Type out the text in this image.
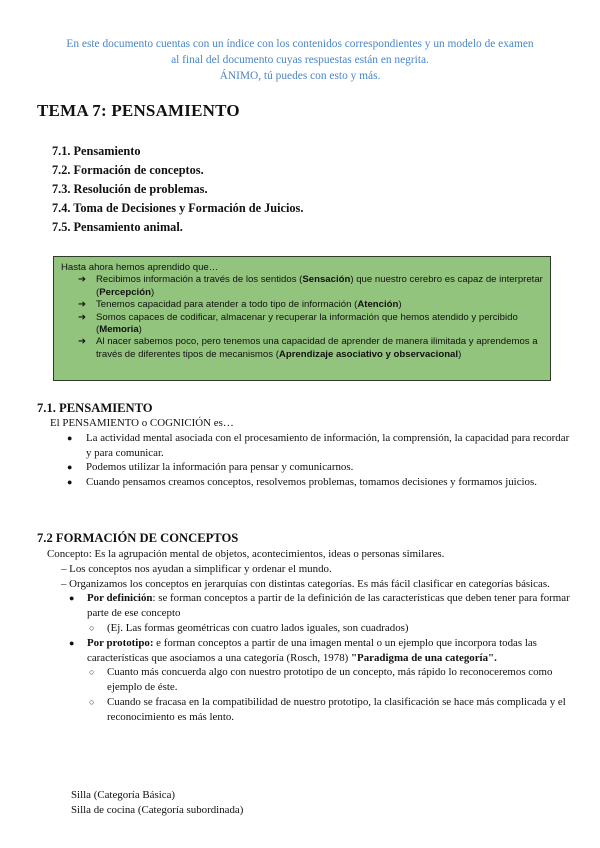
En este documento cuentas con un índice con los contenidos correspondientes y un modelo de examen
al final del documento cuyas respuestas están en negrita.
ÁNIMO, tú puedes con esto y más.
TEMA 7: PENSAMIENTO
7.1. Pensamiento
7.2. Formación de conceptos.
7.3. Resolución de problemas.
7.4. Toma de Decisiones y Formación de Juicios.
7.5. Pensamiento animal.
Hasta ahora hemos aprendido que…
➔ Recibimos información a través de los sentidos (Sensación) que nuestro cerebro es capaz de interpretar (Percepción)
➔ Tenemos capacidad para atender a todo tipo de información (Atención)
➔ Somos capaces de codificar, almacenar y recuperar la información que hemos atendido y percibido (Memoria)
➔ Al nacer sabemos poco, pero tenemos una capacidad de aprender de manera ilimitada y aprendemos a través de diferentes tipos de mecanismos (Aprendizaje asociativo y observacional)
7.1. PENSAMIENTO
El PENSAMIENTO o COGNICIÓN es…
● La actividad mental asociada con el procesamiento de información, la comprensión, la capacidad para recordar y para comunicar.
● Podemos utilizar la información para pensar y comunicarnos.
● Cuando pensamos creamos conceptos, resolvemos problemas, tomamos decisiones y formamos juicios.
7.2 FORMACIÓN DE CONCEPTOS
Concepto: Es la agrupación mental de objetos, acontecimientos, ideas o personas similares.
– Los conceptos nos ayudan a simplificar y ordenar el mundo.
– Organizamos los conceptos en jerarquías con distintas categorías. Es más fácil clasificar en categorías básicas.
● Por definición: se forman conceptos a partir de la definición de las características que deben tener para formar parte de ese concepto
○ (Ej. Las formas geométricas con cuatro lados iguales, son cuadrados)
● Por prototipo: e forman conceptos a partir de una imagen mental o un ejemplo que incorpora todas las características que asociamos a una categoría (Rosch, 1978) "Paradigma de una categoría".
○ Cuanto más concuerda algo con nuestro prototipo de un concepto, más rápido lo reconoceremos como ejemplo de éste.
○ Cuando se fracasa en la compatibilidad de nuestro prototipo, la clasificación se hace más complicada y el reconocimiento es más lento.
Silla (Categoría Básica)
Silla de cocina (Categoría subordinada)
